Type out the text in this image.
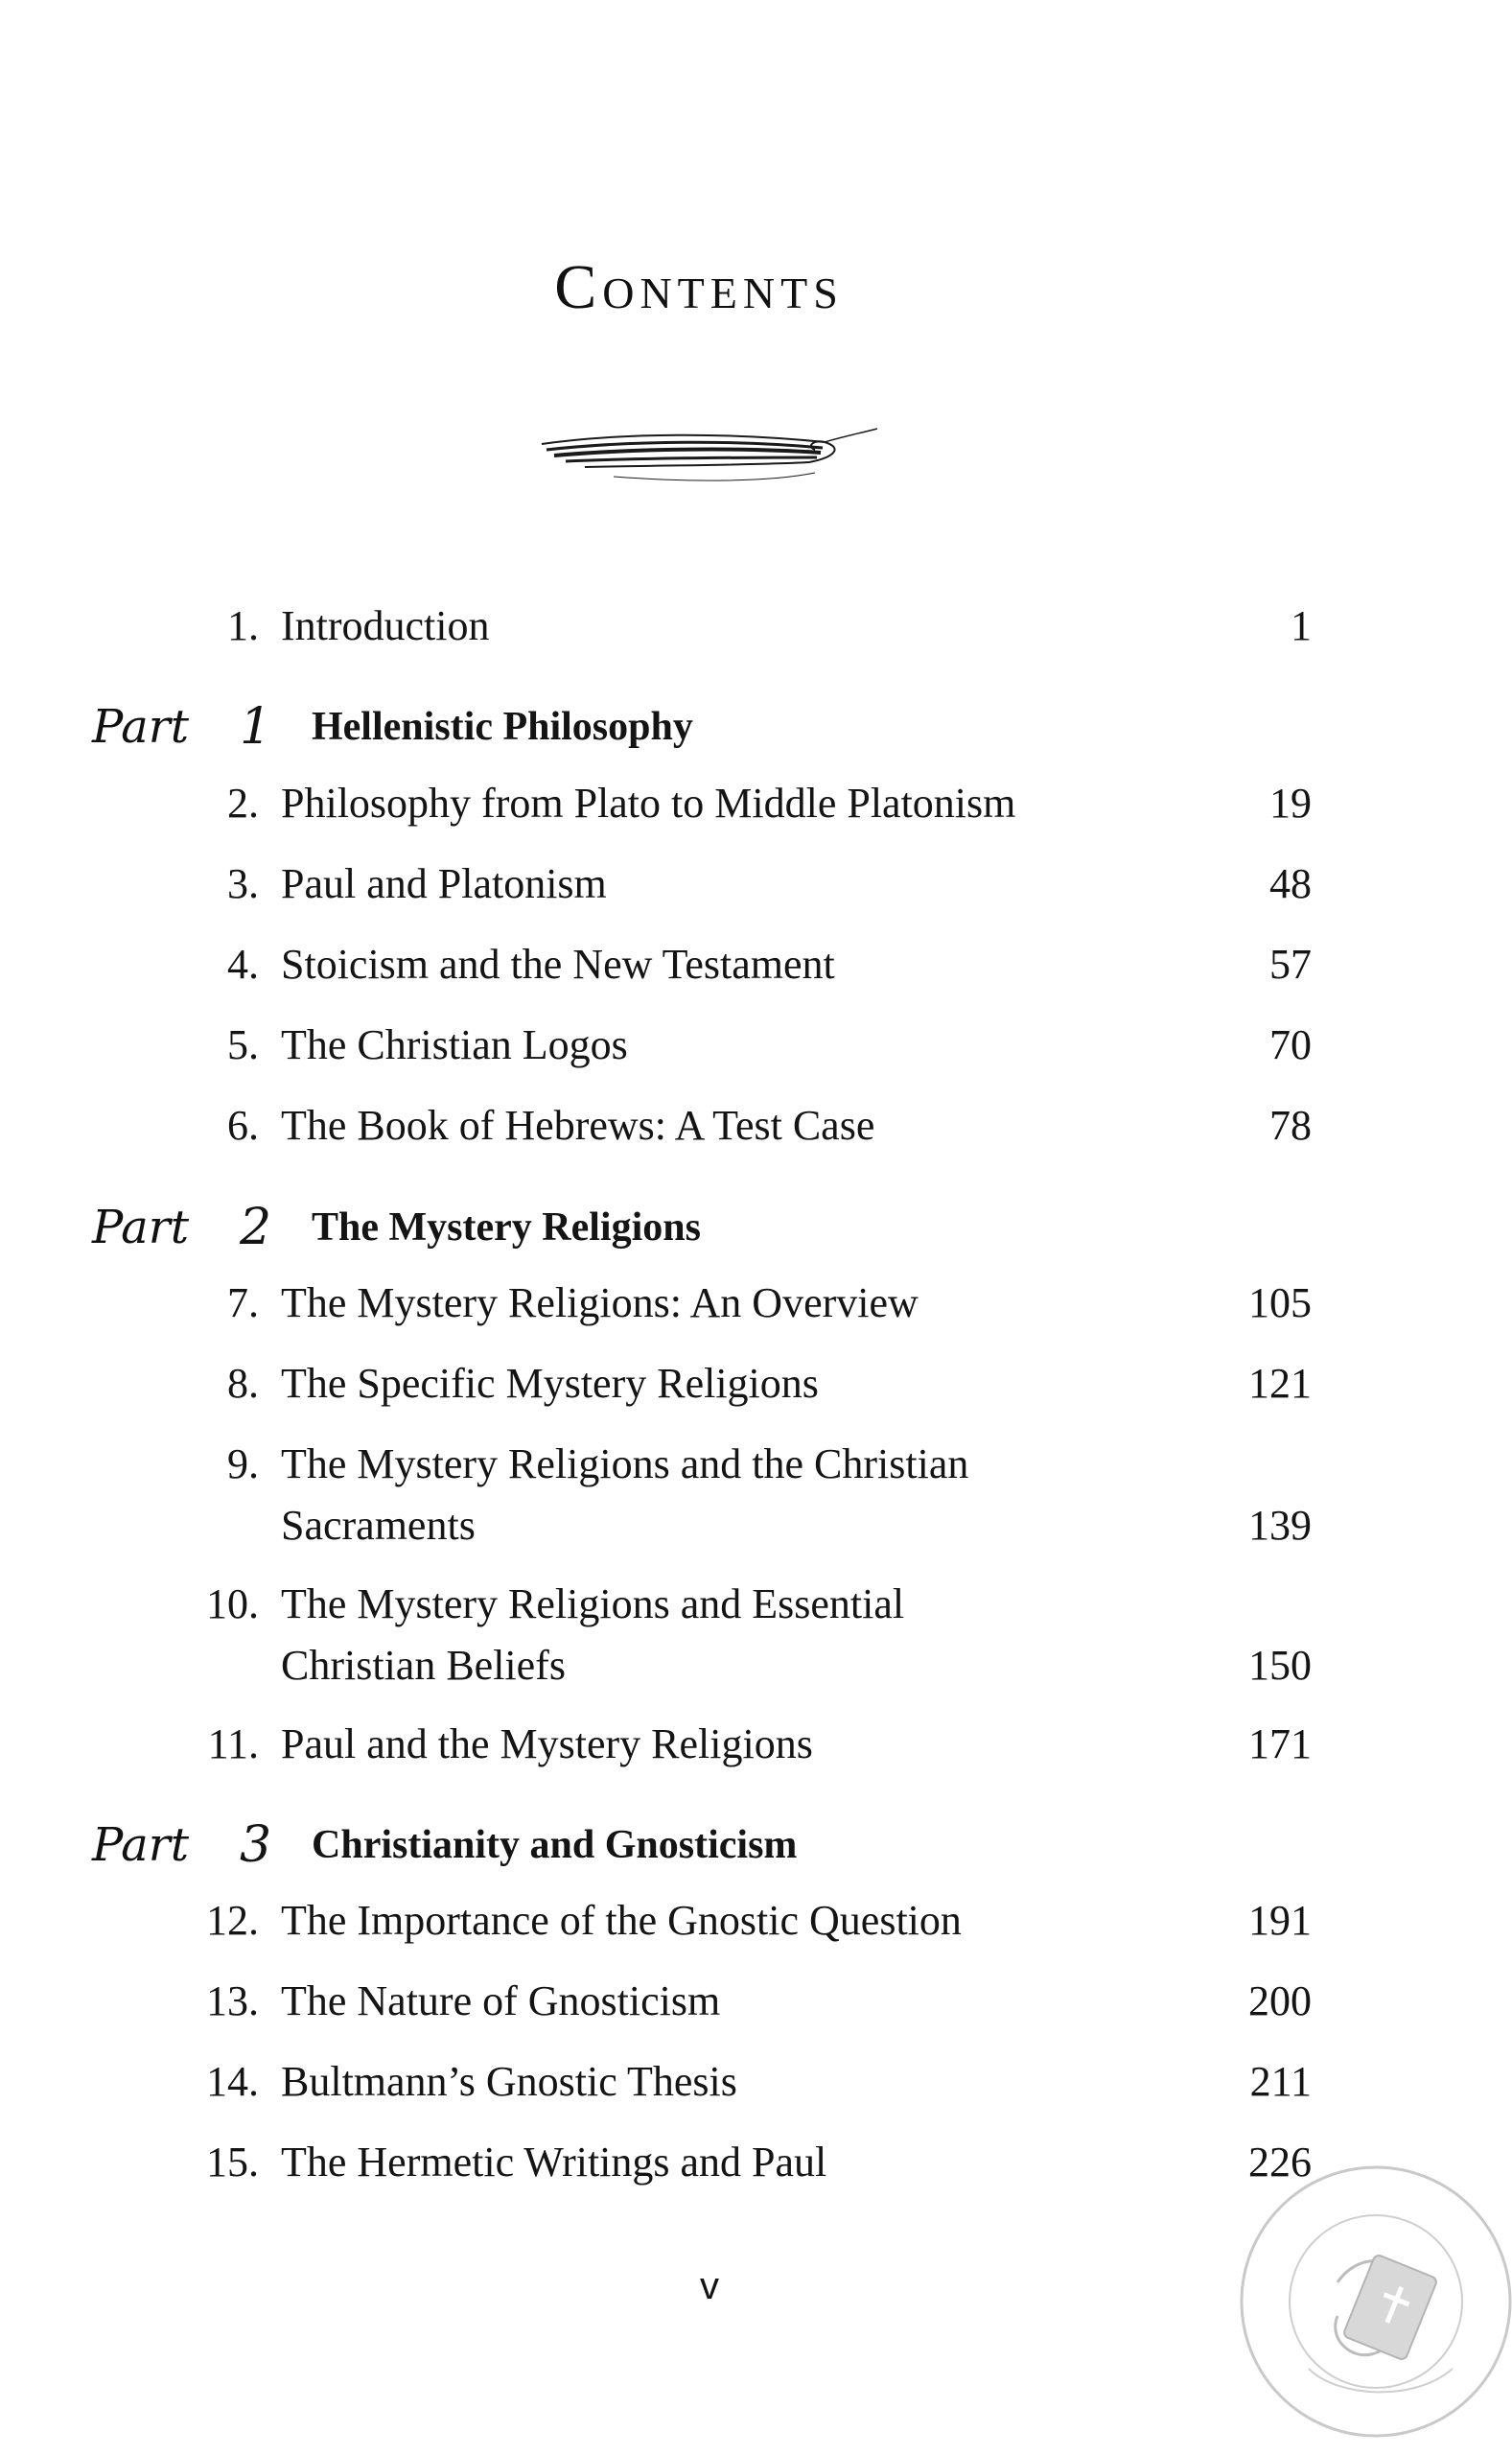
Contents
1. Introduction	1
Part 1 Hellenistic Philosophy
2. Philosophy from Plato to Middle Platonism	19
3. Paul and Platonism	48
4. Stoicism and the New Testament	57
5. The Christian Logos	70
6. The Book of Hebrews: A Test Case	78
Part 2 The Mystery Religions
7. The Mystery Religions: An Overview	105
8. The Specific Mystery Religions	121
9. The Mystery Religions and the Christian
Sacraments	139
10. The Mystery Religions and Essential
Christian Beliefs	150
11. Paul and the Mystery Religions	171
Part 3 Christianity and Gnosticism
12. The Importance of the Gnostic Question	191
13. The Nature of Gnosticism	200
14. Bultmann’s Gnostic Thesis	211
15. The Hermetic Writings and Paul	226
v
